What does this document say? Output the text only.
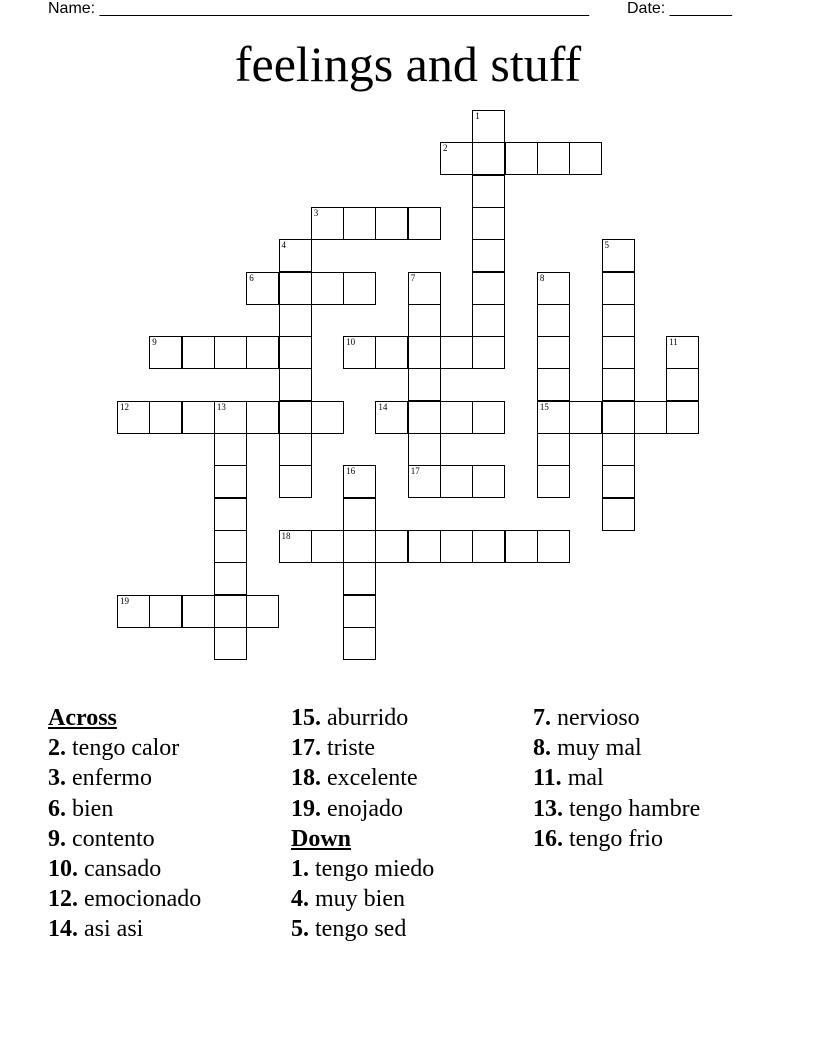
Name: _______________________________________________________ Date: _______
feelings and stuff
1
2
3
4	5
6	7
17
8
15
9	10	11
12	13	14
16
18
19
Across
2. tengo calor
3. enfermo
6. bien
9. contento
10. cansado
12. emocionado
14. asi asi
15. aburrido
17. triste
18. excelente
19. enojado
Down
1. tengo miedo
4. muy bien
5. tengo sed
7. nervioso
8. muy mal
11. mal
13. tengo hambre
16. tengo frio
